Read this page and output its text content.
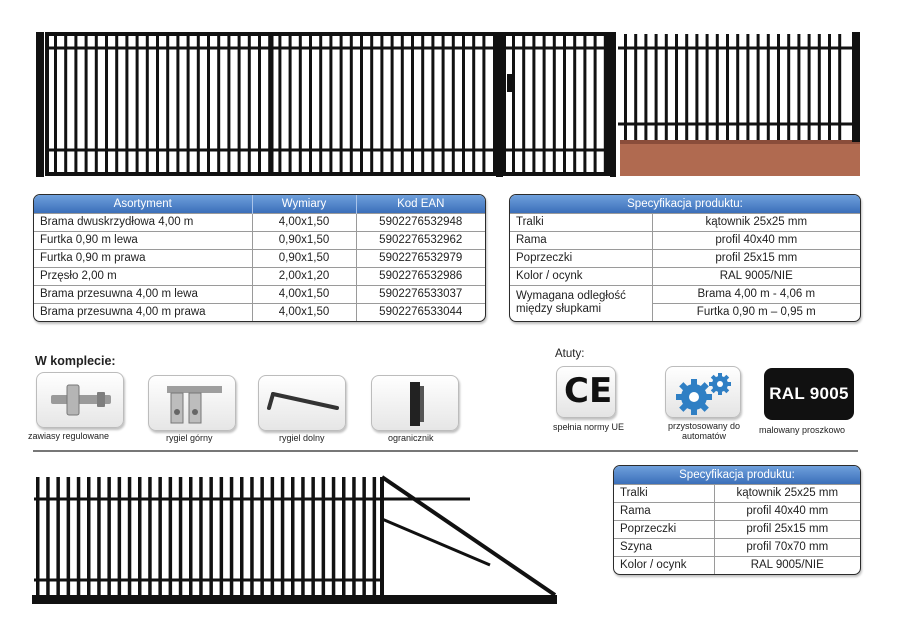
Asortyment	Wymiary	Kod EAN
Brama dwuskrzydłowa 4,00 m	4,00x1,50	5902276532948
Furtka 0,90 m lewa	0,90x1,50	5902276532962
Furtka 0,90 m prawa	0,90x1,50	5902276532979
Przęsło 2,00 m	2,00x1,20	5902276532986
Brama przesuwna 4,00 m lewa	4,00x1,50	5902276533037
Brama przesuwna 4,00 m prawa	4,00x1,50	5902276533044
Specyfikacja produktu:	
Tralki	kątownik 25x25 mm
Rama	profil 40x40 mm
Poprzeczki	profil 25x15 mm
Kolor / ocynk	RAL 9005/NIE
Wymagana odległość
między słupkami	Brama 4,00 m - 4,06 m
	Furtka 0,90 m – 0,95 m
W komplecie:
zawiasy regulowane	rygiel górny	rygiel dolny	ogranicznik
Atuty:
CE
spełnia normy UE	przystosowany do
automatów
RAL 9005
malowany proszkowo
Specyfikacja produktu:	
Tralki	kątownik 25x25 mm
Rama	profil 40x40 mm
Poprzeczki	profil 25x15 mm
Szyna	profil 70x70 mm
Kolor / ocynk	RAL 9005/NIE
